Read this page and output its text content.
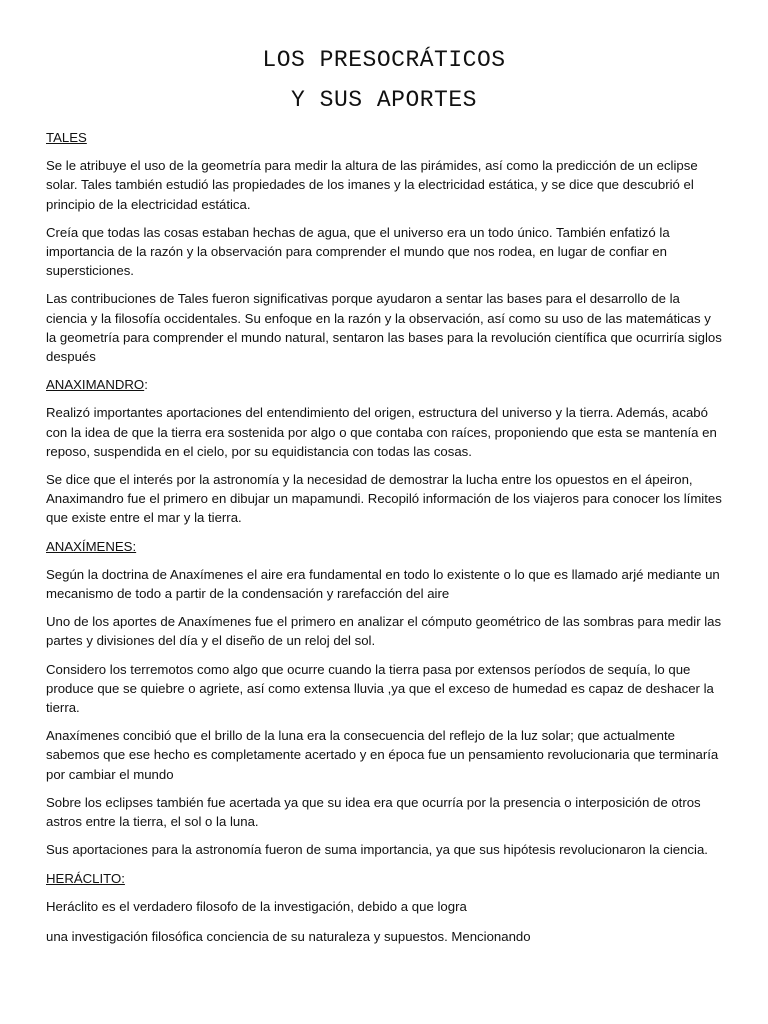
LOS PRESOCRÁTICOS
Y SUS APORTES
TALES

Se le atribuye el uso de la geometría para medir la altura de las pirámides, así como la predicción de un eclipse solar. Tales también estudió las propiedades de los imanes y la electricidad estática, y se dice que descubrió el principio de la electricidad estática.

Creía que todas las cosas estaban hechas de agua, que el universo era un todo único. También enfatizó la importancia de la razón y la observación para comprender el mundo que nos rodea, en lugar de confiar en supersticiones.

Las contribuciones de Tales fueron significativas porque ayudaron a sentar las bases para el desarrollo de la ciencia y la filosofía occidentales. Su enfoque en la razón y la observación, así como su uso de las matemáticas y la geometría para comprender el mundo natural, sentaron las bases para la revolución científica que ocurriría siglos después

ANAXIMANDRO:

Realizó importantes aportaciones del entendimiento del origen, estructura del universo y la tierra. Además, acabó con la idea de que la tierra era sostenida por algo o que contaba con raíces, proponiendo que esta se mantenía en reposo, suspendida en el cielo, por su equidistancia con todas las cosas.

Se dice que el interés por la astronomía y la necesidad de demostrar la lucha entre los opuestos en el ápeiron, Anaximandro fue el primero en dibujar un mapamundi. Recopiló información de los viajeros para conocer los límites que existe entre el mar y la tierra.

ANAXÍMENES:

Según la doctrina de Anaxímenes el aire era fundamental en todo lo existente o lo que es llamado arjé mediante un mecanismo de todo a partir de la condensación y rarefacción del aire

Uno de los aportes de Anaxímenes fue el primero en analizar el cómputo geométrico de las sombras para medir las partes y divisiones del día y el diseño de un reloj del sol.

Considero los terremotos como algo que ocurre cuando la tierra pasa por extensos períodos de sequía, lo que produce que se quiebre o agriete, así como extensa lluvia ,ya que el exceso de humedad es capaz de deshacer la tierra.

Anaxímenes concibió que el brillo de la luna era la consecuencia del reflejo de la luz solar; que actualmente sabemos que ese hecho es completamente acertado y en época fue un pensamiento revolucionaria que terminaría por cambiar el mundo

Sobre los eclipses también fue acertada ya que su idea era que ocurría por la presencia o interposición de otros astros entre la tierra, el sol o la luna.

Sus aportaciones para la astronomía fueron de suma importancia, ya que sus hipótesis revolucionaron la ciencia.

HERÁCLITO:

Heráclito es el verdadero filosofo de la investigación, debido a que logra

una investigación filosófica conciencia de su naturaleza y supuestos. Mencionando
